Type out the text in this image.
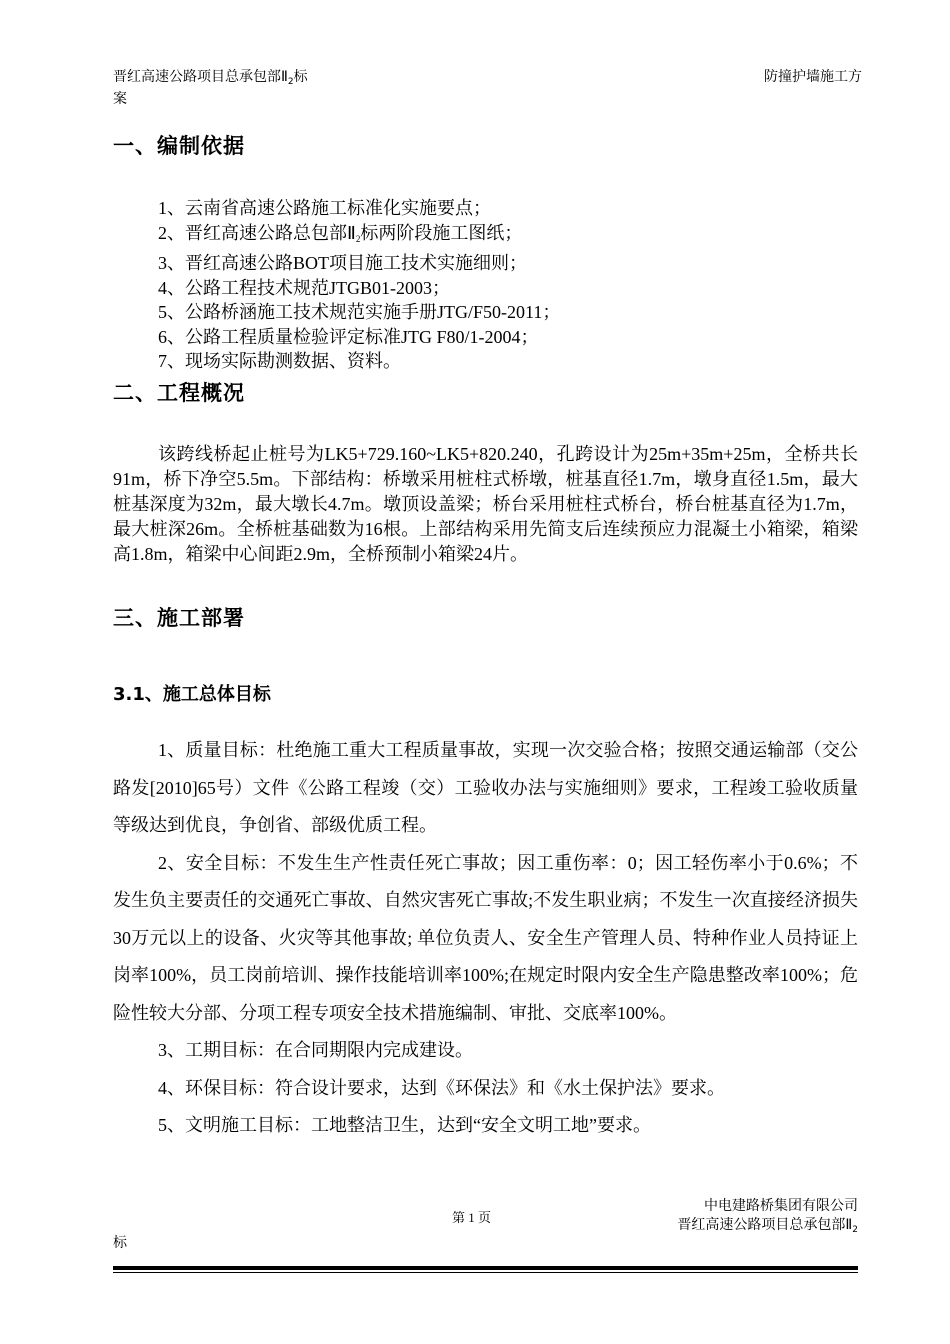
晋红高速公路项目总承包部$Ⅱ_2$标
案
防撞护墙施工方
一、编制依据
1、云南省高速公路施工标准化实施要点；
2、晋红高速公路总包部$Ⅱ_2$标两阶段施工图纸；
3、晋红高速公路BOT项目施工技术实施细则；
4、公路工程技术规范JTGB01-2003；
5、公路桥涵施工技术规范实施手册JTG/F50-2011；
6、公路工程质量检验评定标准JTG F80/1-2004；
7、现场实际勘测数据、资料。
二、工程概况
该跨线桥起止桩号为LK5+729.160~LK5+820.240，孔跨设计为25m+35m+25m，全桥共长91m，桥下净空5.5m。下部结构：桥墩采用桩柱式桥墩，桩基直径1.7m，墩身直径1.5m，最大桩基深度为32m，最大墩长4.7m。墩顶设盖梁；桥台采用桩柱式桥台，桥台桩基直径为1.7m，最大桩深26m。全桥桩基础数为16根。上部结构采用先简支后连续预应力混凝土小箱梁，箱梁高1.8m，箱梁中心间距2.9m，全桥预制小箱梁24片。
三、施工部署
3.1、施工总体目标

1、质量目标：杜绝施工重大工程质量事故，实现一次交验合格；按照交通运输部（交公路发[2010]65号）文件《公路工程竣（交）工验收办法与实施细则》要求，工程竣工验收质量等级达到优良，争创省、部级优质工程。

2、安全目标：不发生生产性责任死亡事故；因工重伤率：0；因工轻伤率小于0.6%；不发生负主要责任的交通死亡事故、自然灾害死亡事故;不发生职业病；不发生一次直接经济损失30万元以上的设备、火灾等其他事故; 单位负责人、安全生产管理人员、特种作业人员持证上岗率100%，员工岗前培训、操作技能培训率100%;在规定时限内安全生产隐患整改率100%；危险性较大分部、分项工程专项安全技术措施编制、审批、交底率100%。

3、工期目标：在合同期限内完成建设。

4、环保目标：符合设计要求，达到《环保法》和《水土保护法》要求。

5、文明施工目标：工地整洁卫生，达到“安全文明工地”要求。

第 1 页
中电建路桥集团有限公司
晋红高速公路项目总承包部$Ⅱ_2$
标
